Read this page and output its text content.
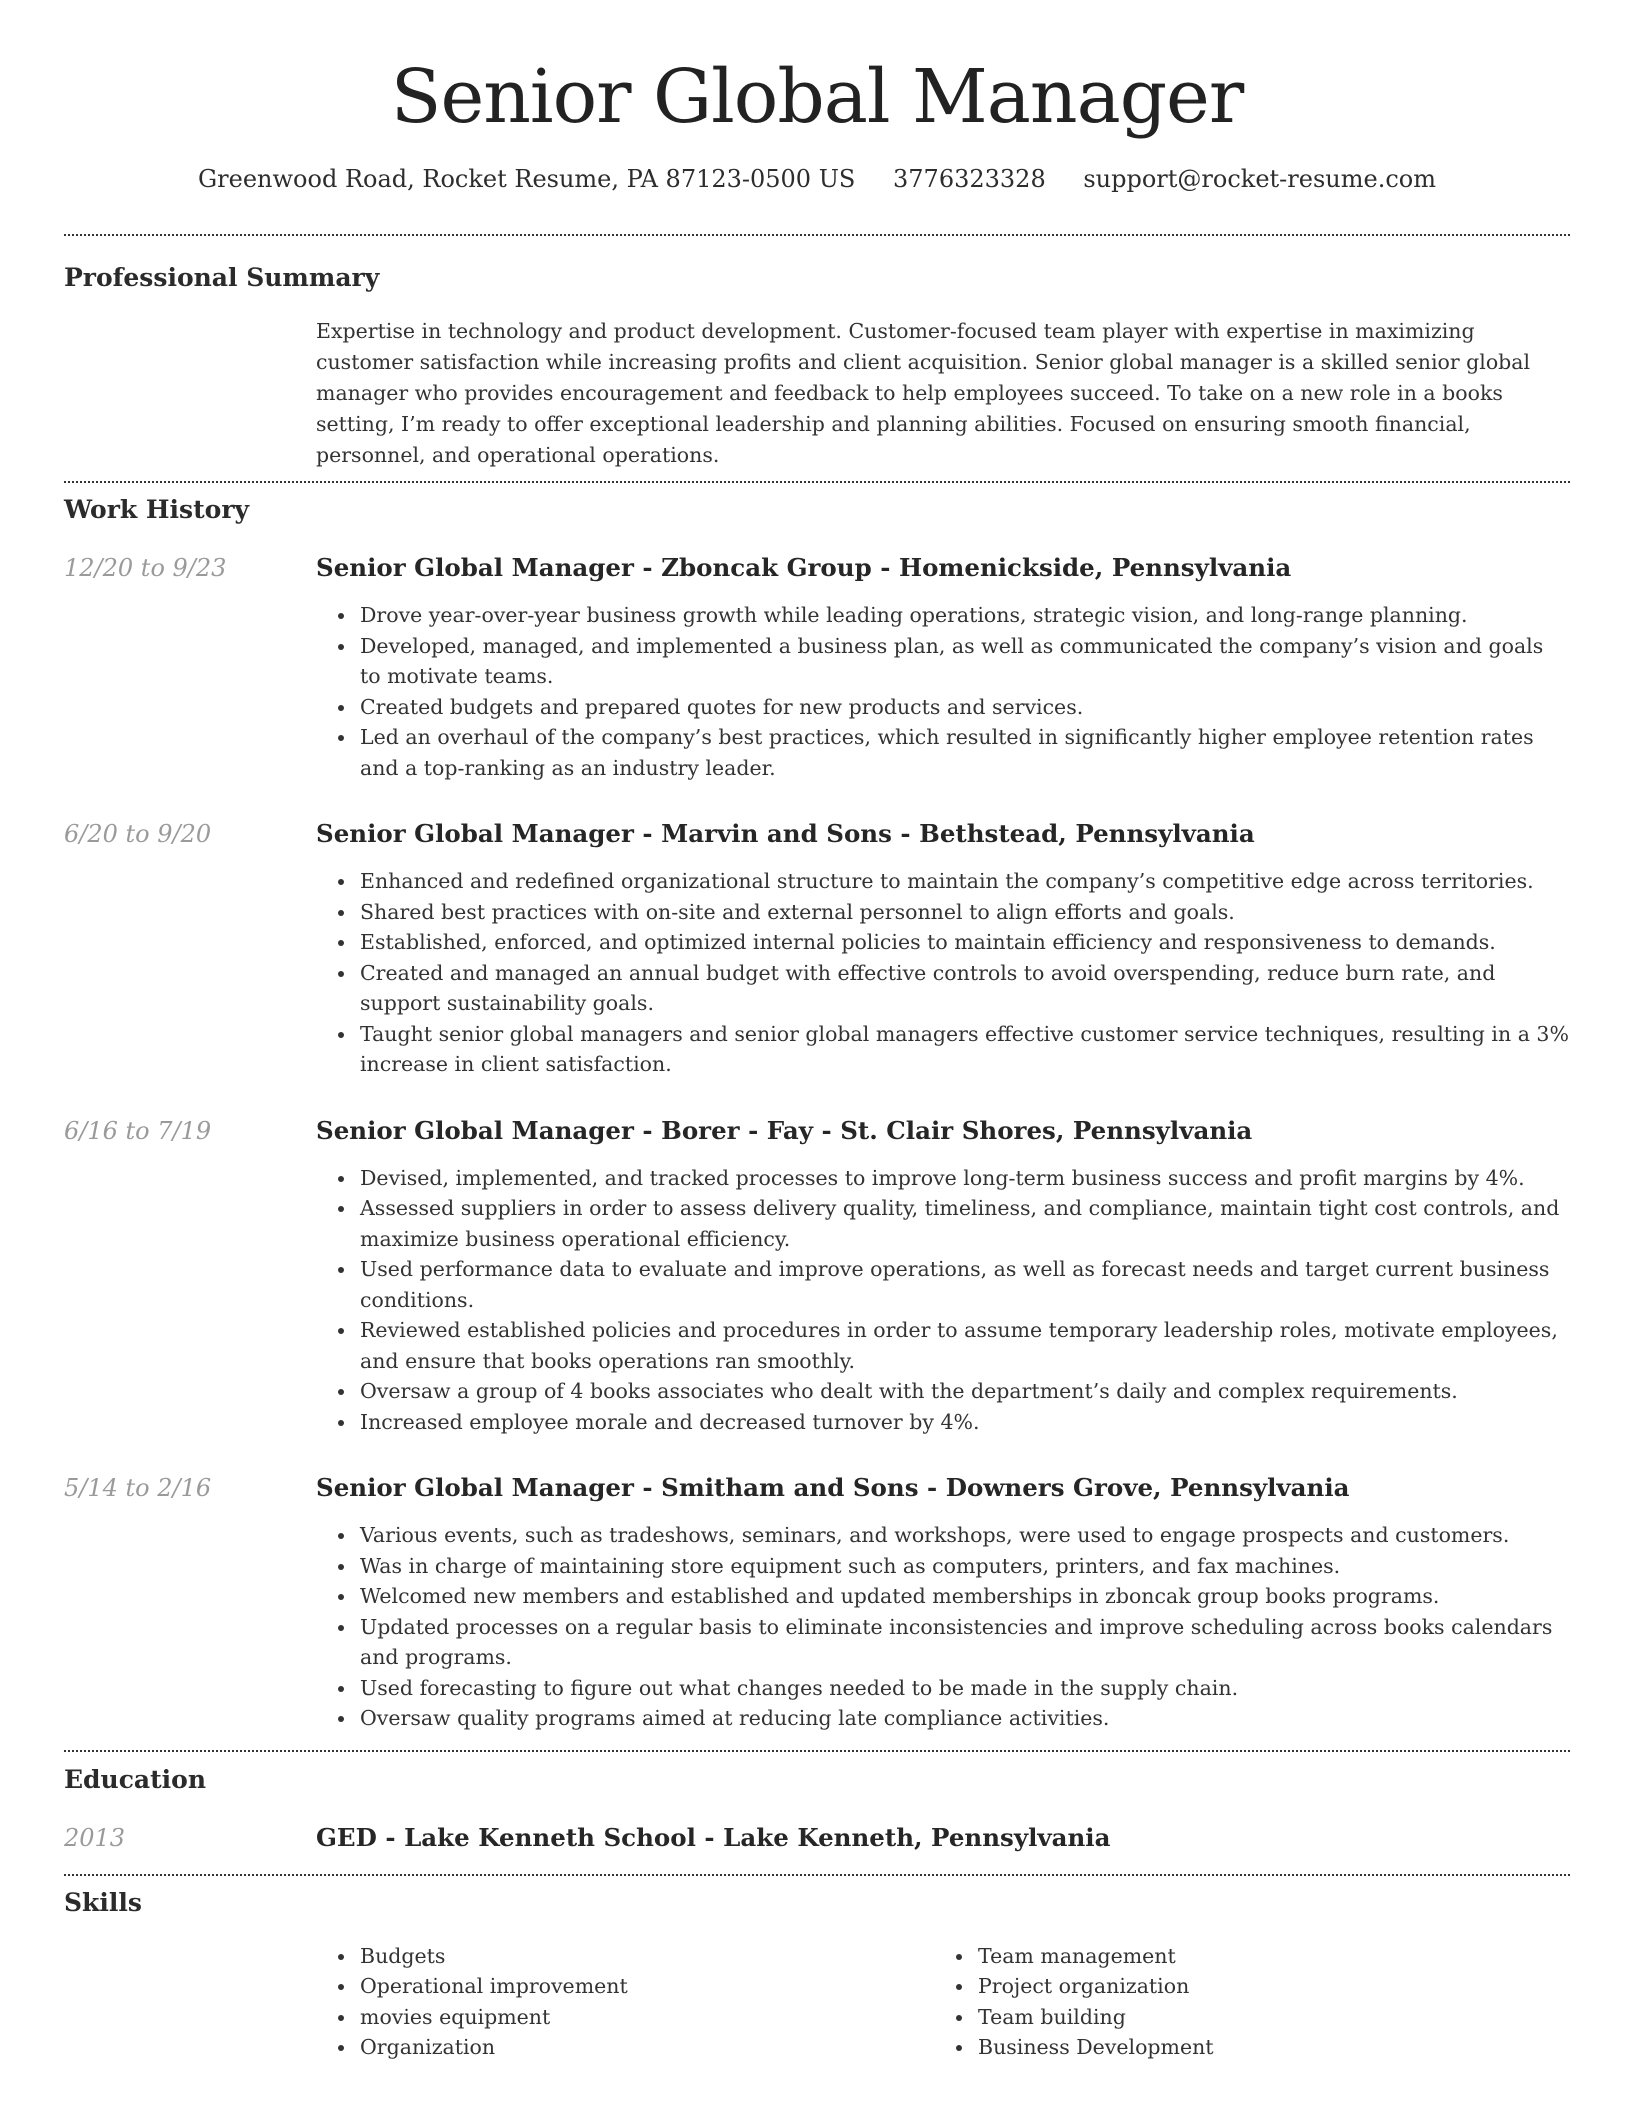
Senior Global Manager
Greenwood Road, Rocket Resume, PA 87123-0500 US 3776323328 support@rocket-resume.com
Professional Summary

Expertise in technology and product development. Customer-focused team player with expertise in maximizing customer satisfaction while increasing profits and client acquisition. Senior global manager is a skilled senior global manager who provides encouragement and feedback to help employees succeed. To take on a new role in a books setting, I’m ready to offer exceptional leadership and planning abilities. Focused on ensuring smooth financial, personnel, and operational operations.

Work History
12/20 to 9/23	Senior Global Manager - Zboncak Group - Homenickside, Pennsylvania
Drove year-over-year business growth while leading operations, strategic vision, and long-range planning.
Developed, managed, and implemented a business plan, as well as communicated the company’s vision and goals to motivate teams.
Created budgets and prepared quotes for new products and services.
Led an overhaul of the company’s best practices, which resulted in significantly higher employee retention rates and a top-ranking as an industry leader.
6/20 to 9/20	Senior Global Manager - Marvin and Sons - Bethstead, Pennsylvania
Enhanced and redefined organizational structure to maintain the company’s competitive edge across territories.
Shared best practices with on-site and external personnel to align efforts and goals.
Established, enforced, and optimized internal policies to maintain efficiency and responsiveness to demands.
Created and managed an annual budget with effective controls to avoid overspending, reduce burn rate, and support sustainability goals.
Taught senior global managers and senior global managers effective customer service techniques, resulting in a 3% increase in client satisfaction.
6/16 to 7/19	Senior Global Manager - Borer - Fay - St. Clair Shores, Pennsylvania
Devised, implemented, and tracked processes to improve long-term business success and profit margins by 4%.
Assessed suppliers in order to assess delivery quality, timeliness, and compliance, maintain tight cost controls, and maximize business operational efficiency.
Used performance data to evaluate and improve operations, as well as forecast needs and target current business conditions.
Reviewed established policies and procedures in order to assume temporary leadership roles, motivate employees, and ensure that books operations ran smoothly.
Oversaw a group of 4 books associates who dealt with the department’s daily and complex requirements.
Increased employee morale and decreased turnover by 4%.
5/14 to 2/16	Senior Global Manager - Smitham and Sons - Downers Grove, Pennsylvania
Various events, such as tradeshows, seminars, and workshops, were used to engage prospects and customers.
Was in charge of maintaining store equipment such as computers, printers, and fax machines.
Welcomed new members and established and updated memberships in zboncak group books programs.
Updated processes on a regular basis to eliminate inconsistencies and improve scheduling across books calendars and programs.
Used forecasting to figure out what changes needed to be made in the supply chain.
Oversaw quality programs aimed at reducing late compliance activities.
Education
2013	GED - Lake Kenneth School - Lake Kenneth, Pennsylvania
Skills
Budgets
Operational improvement
movies equipment
Organization
Team management
Project organization
Team building
Business Development
